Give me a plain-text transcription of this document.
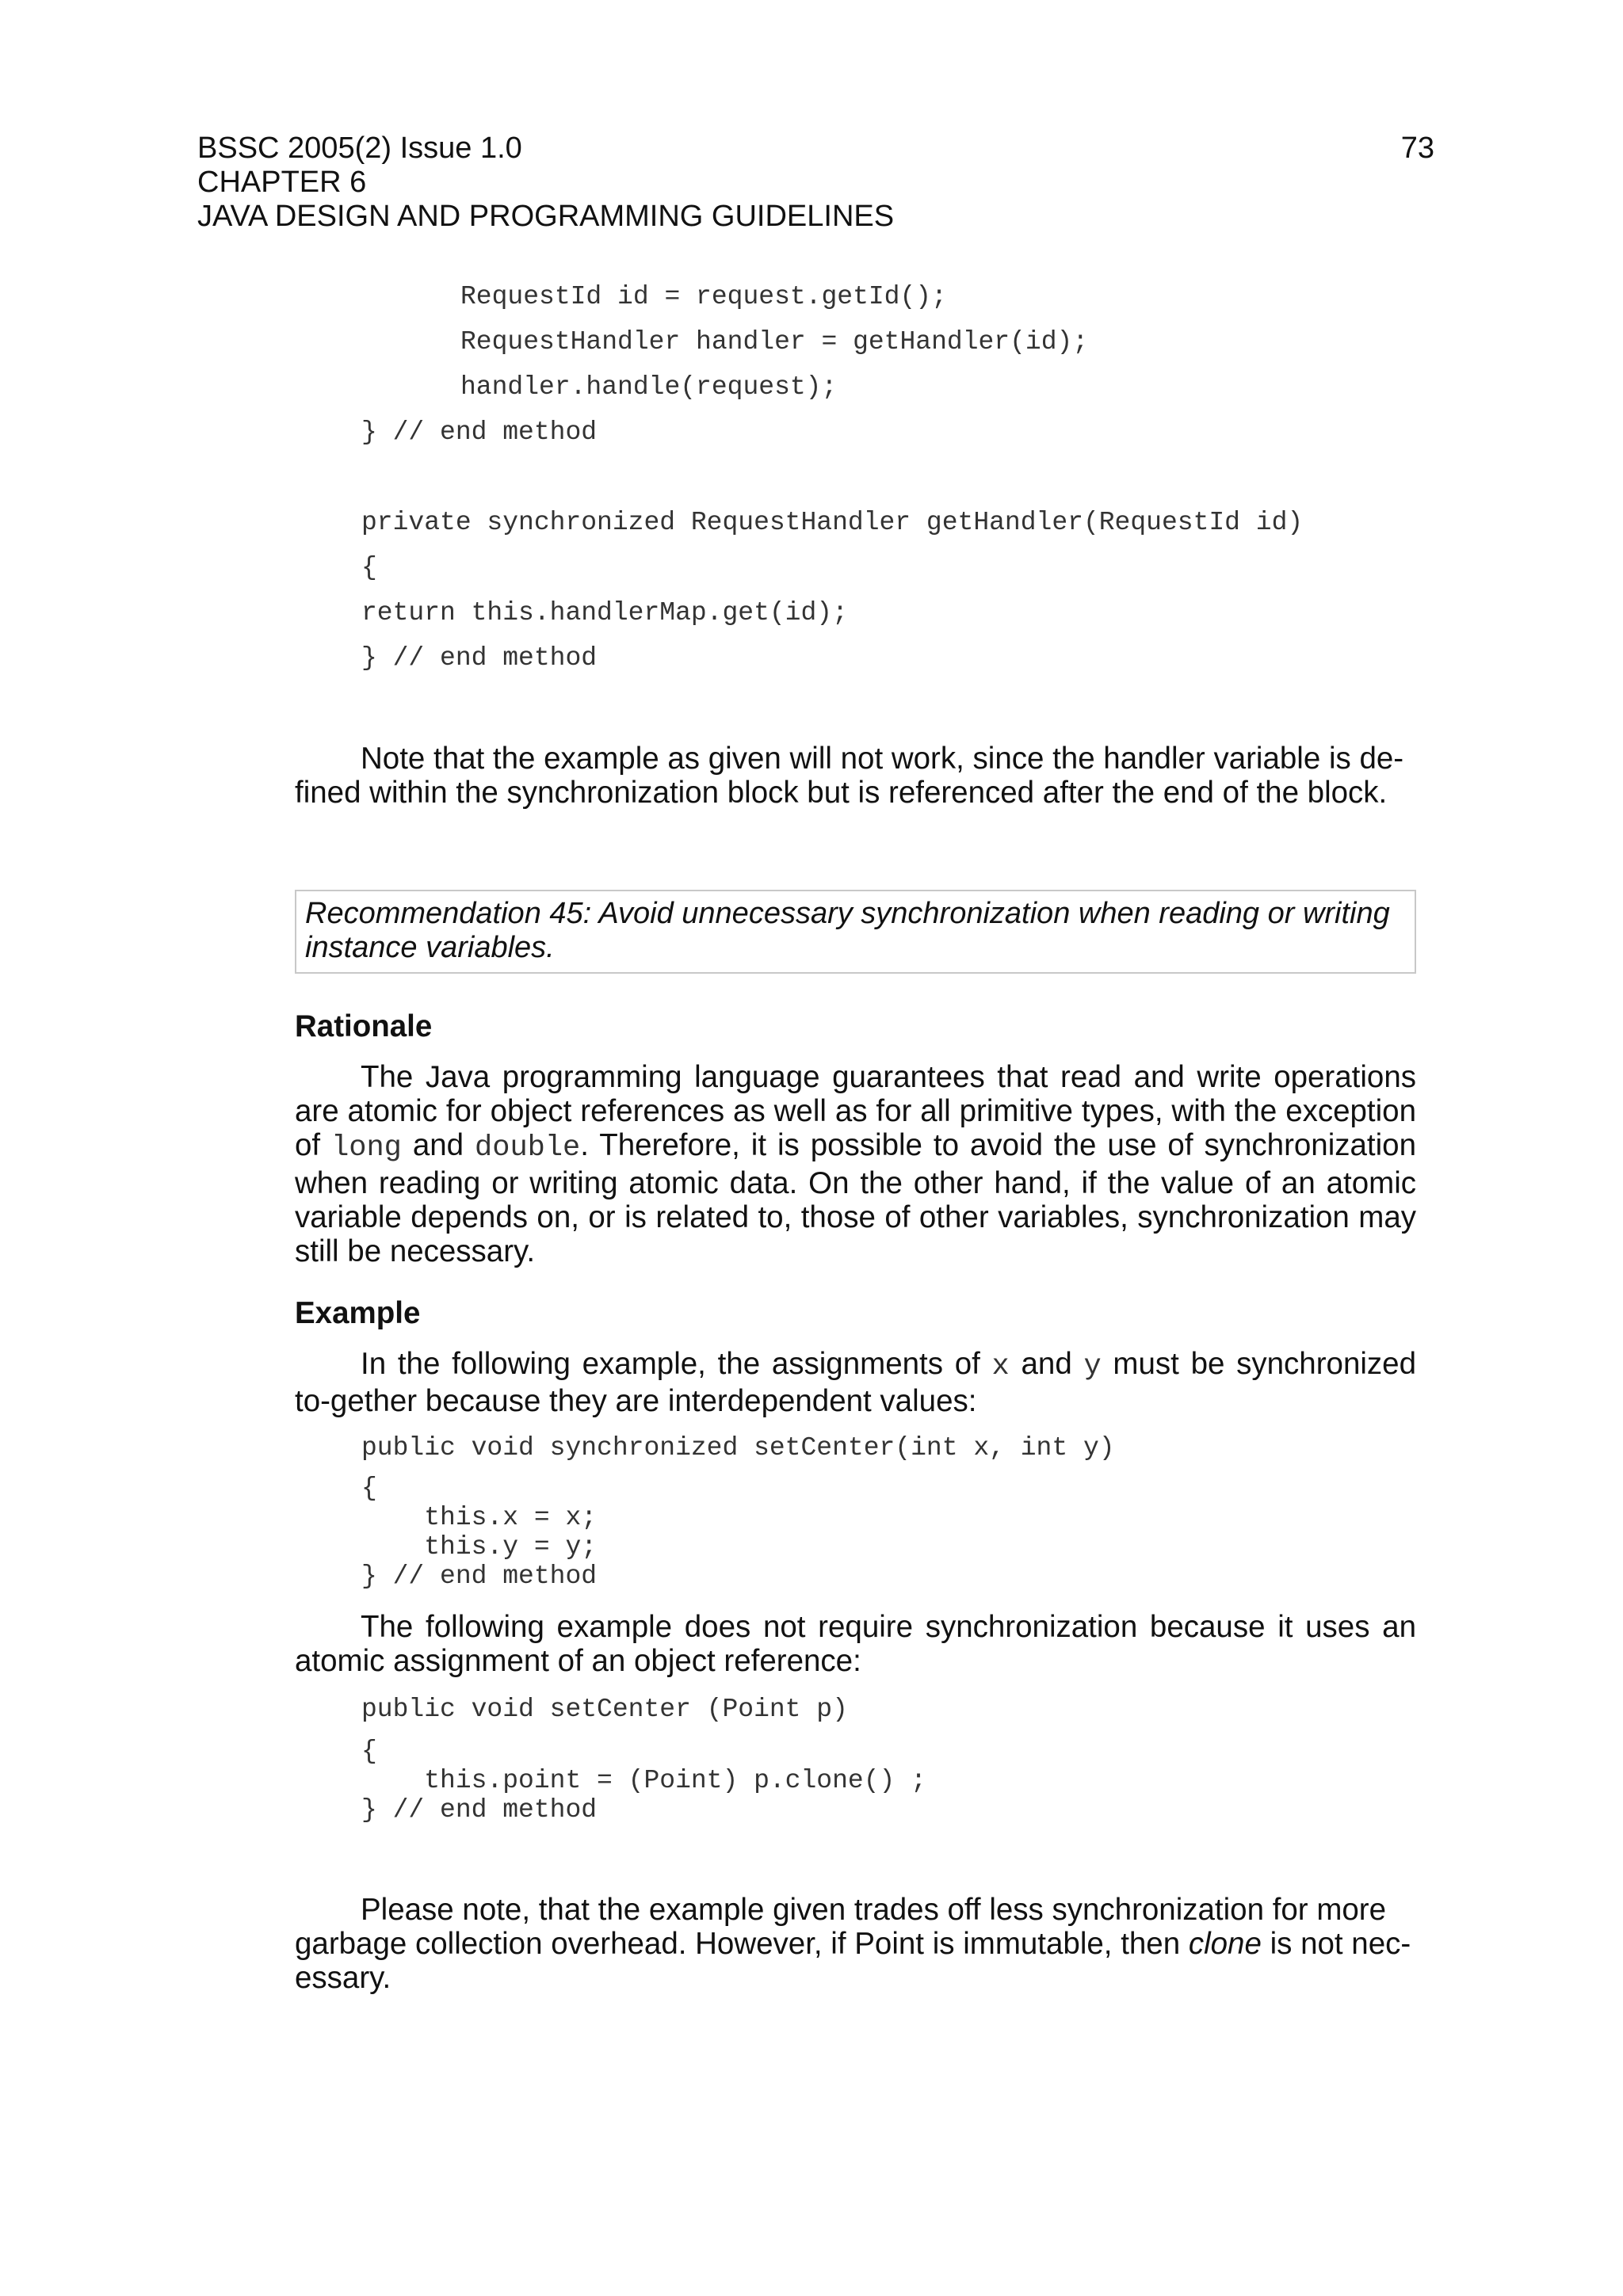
BSSC 2005(2) Issue 1.0
CHAPTER 6
JAVA DESIGN AND PROGRAMMING GUIDELINES
73
RequestId id = request.getId();
RequestHandler handler = getHandler(id);
handler.handle(request);
} // end method
private synchronized RequestHandler getHandler(RequestId id)
{
return this.handlerMap.get(id);
} // end method
Note that the example as given will not work, since the handler variable is de-
fined within the synchronization block but is referenced after the end of the block.
Recommendation 45: Avoid unnecessary synchronization when reading or writing instance variables.
Rationale
The Java programming language guarantees that read and write operations are atomic for object references as well as for all primitive types, with the exception of long and double. Therefore, it is possible to avoid the use of synchronization when reading or writing atomic data. On the other hand, if the value of an atomic variable depends on, or is related to, those of other variables, synchronization may still be necessary.
Example
In the following example, the assignments of x and y must be synchronized to-gether because they are interdependent values:
public void synchronized setCenter(int x, int y)
{
this.x = x;
this.y = y;
} // end method
The following example does not require synchronization because it uses an atomic assignment of an object reference:
public void setCenter (Point p)
{
this.point = (Point) p.clone() ;
} // end method
Please note, that the example given trades off less synchronization for more
garbage collection overhead. However, if Point is immutable, then clone is not nec-
essary.
